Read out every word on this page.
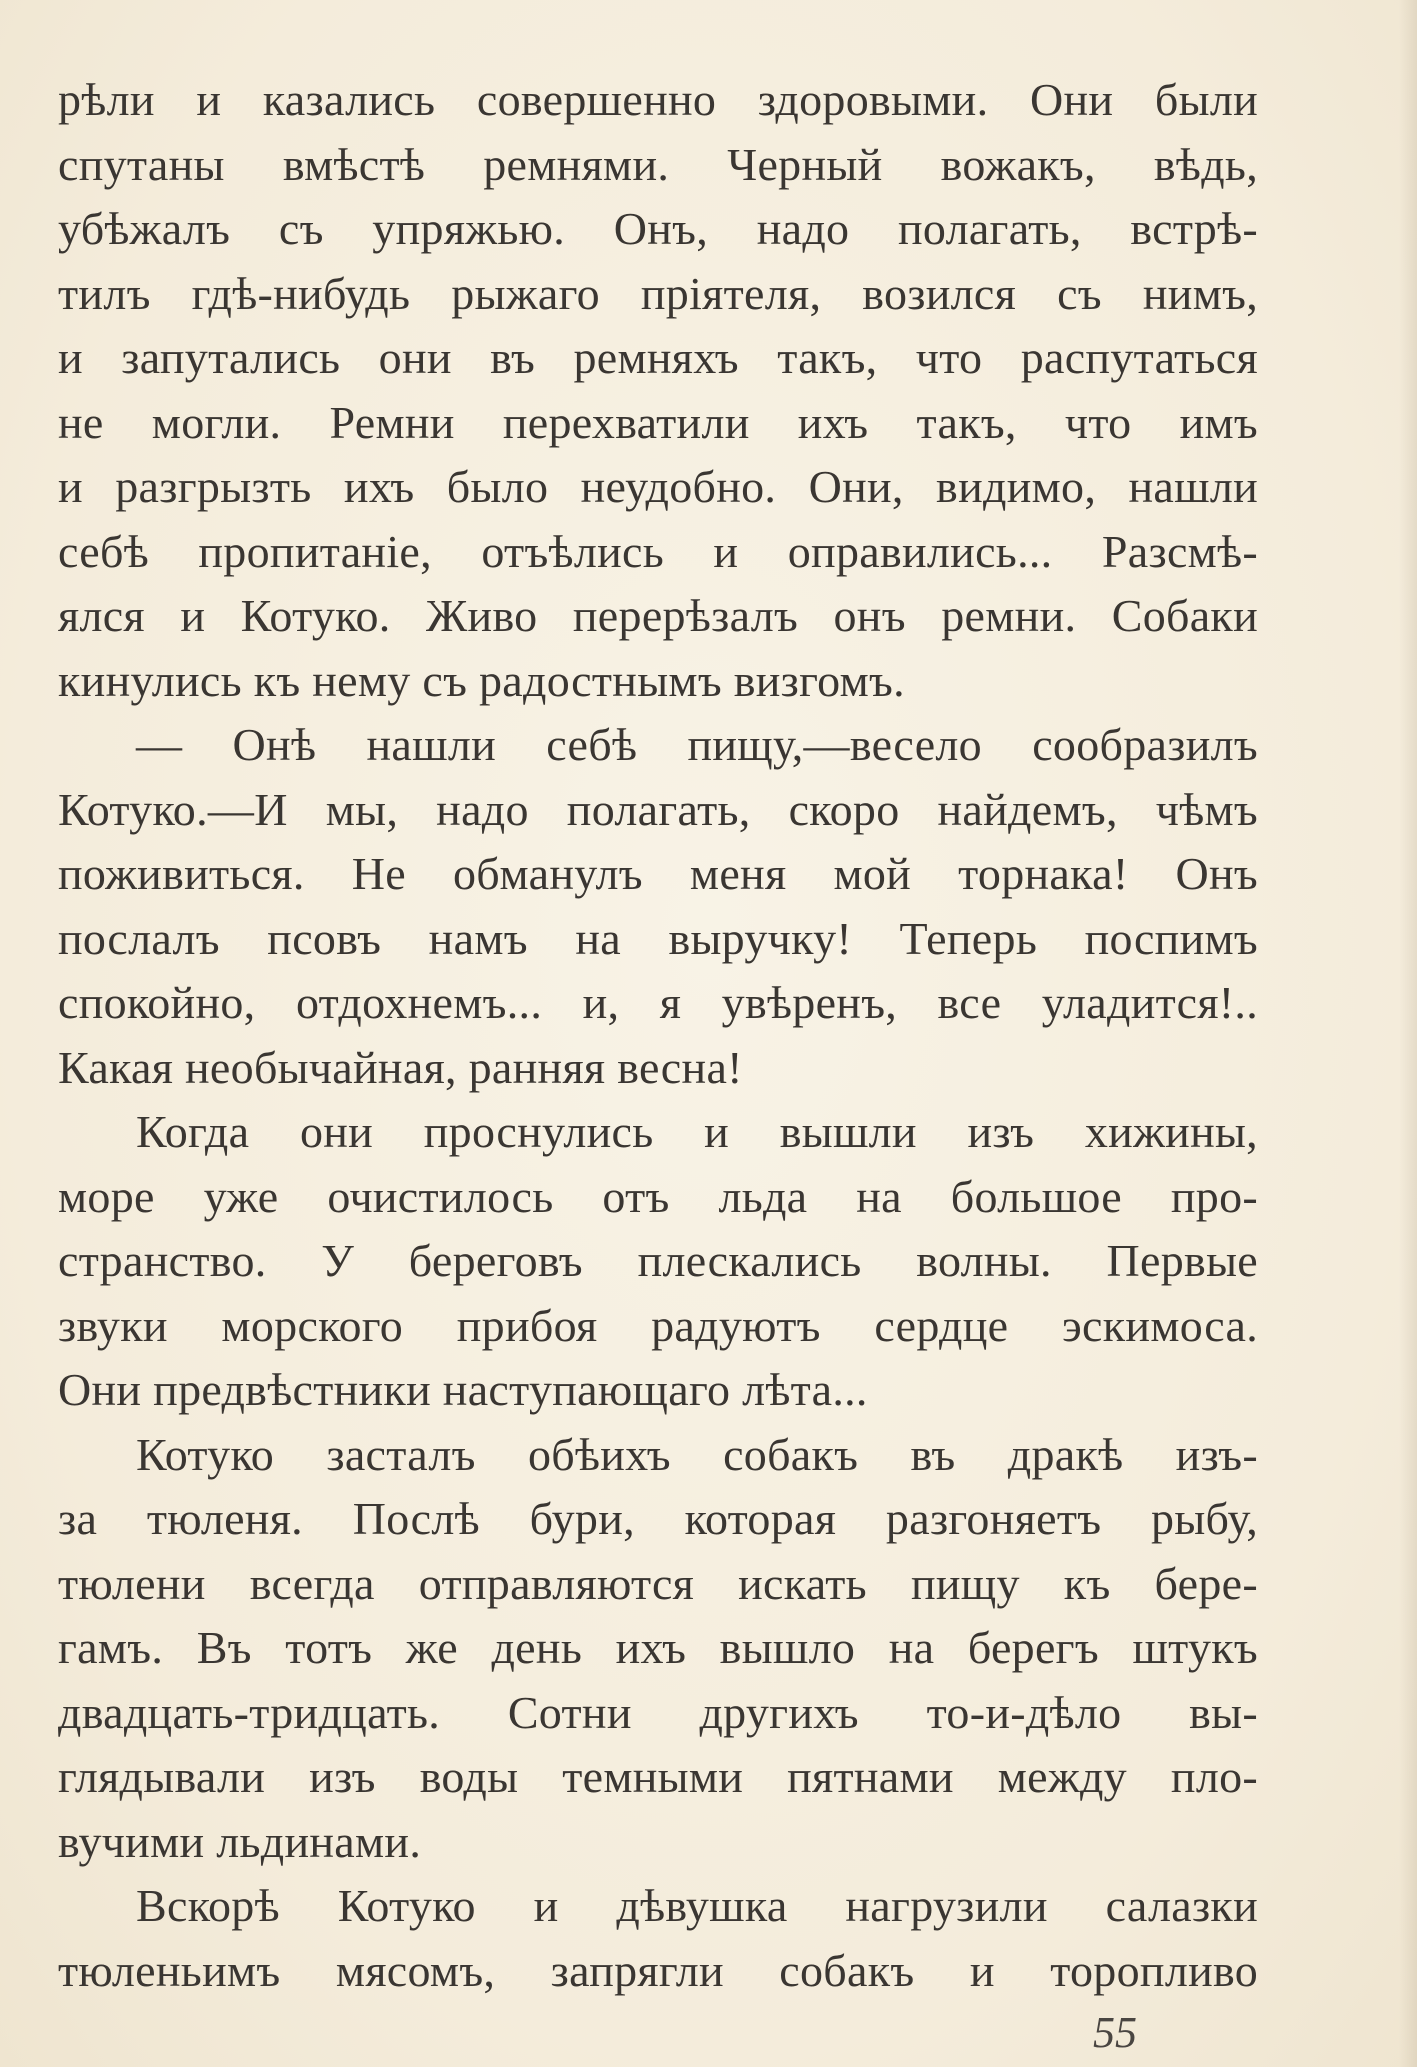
рѣли и казались совершенно здоровыми. Они были
спутаны вмѣстѣ ремнями. Черный вожакъ, вѣдь,
убѣжалъ съ упряжью. Онъ, надо полагать, встрѣ-
тилъ гдѣ-нибудь рыжаго пріятеля, возился съ нимъ,
и запутались они въ ремняхъ такъ, что распутаться
не могли. Ремни перехватили ихъ такъ, что имъ
и разгрызть ихъ было неудобно. Они, видимо, нашли
себѣ пропитаніе, отъѣлись и оправились... Разсмѣ-
ялся и Котуко. Живо перерѣзалъ онъ ремни. Собаки
кинулись къ нему съ радостнымъ визгомъ.
— Онѣ нашли себѣ пищу,—весело сообразилъ
Котуко.—И мы, надо полагать, скоро найдемъ, чѣмъ
поживиться. Не обманулъ меня мой торнака! Онъ
послалъ псовъ намъ на выручку! Теперь поспимъ
спокойно, отдохнемъ... и, я увѣренъ, все уладится!..
Какая необычайная, ранняя весна!
Когда они проснулись и вышли изъ хижины,
море уже очистилось отъ льда на большое про-
странство. У береговъ плескались волны. Первые
звуки морского прибоя радуютъ сердце эскимоса.
Они предвѣстники наступающаго лѣта...
Котуко засталъ обѣихъ собакъ въ дракѣ изъ-
за тюленя. Послѣ бури, которая разгоняетъ рыбу,
тюлени всегда отправляются искать пищу къ бере-
гамъ. Въ тотъ же день ихъ вышло на берегъ штукъ
двадцать-тридцать. Сотни другихъ то-и-дѣло вы-
глядывали изъ воды темными пятнами между пло-
вучими льдинами.
Вскорѣ Котуко и дѣвушка нагрузили салазки
тюленьимъ мясомъ, запрягли собакъ и торопливо
55
